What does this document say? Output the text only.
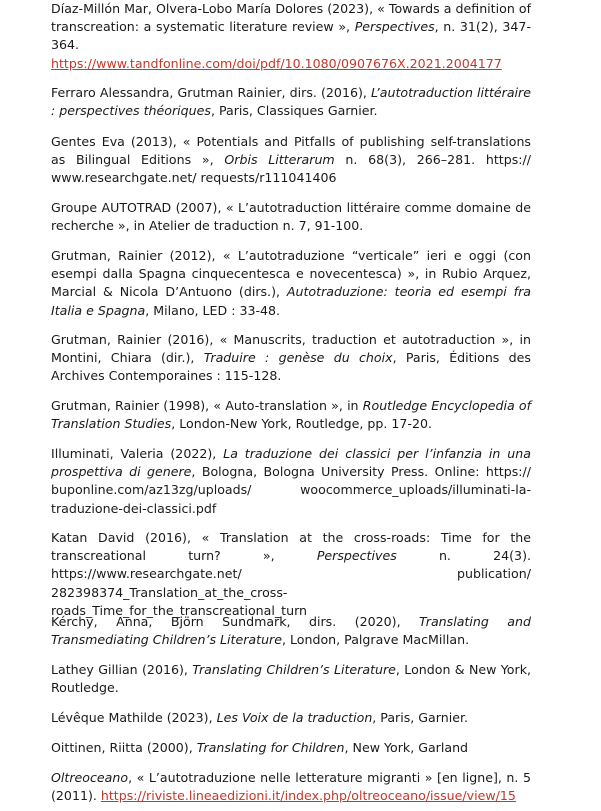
Díaz-Millón Mar, Olvera-Lobo María Dolores (2023), « Towards a definition of transcreation: a systematic literature review », Perspectives, n. 31(2), 347-364. https://www.tandfonline.com/doi/pdf/10.1080/0907676X.2021.2004177

Ferraro Alessandra, Grutman Rainier, dirs. (2016), L’autotraduction littéraire : perspectives théoriques, Paris, Classiques Garnier.

Gentes Eva (2013), « Potentials and Pitfalls of publishing self-translations as Bilingual Editions », Orbis Litterarum n. 68(3), 266–281. https:// www.researchgate.net/ requests/r111041406

Groupe AUTOTRAD (2007), « L’autotraduction littéraire comme domaine de recherche », in Atelier de traduction n. 7, 91-100.

Grutman, Rainier (2012), « L’autotraduzione “verticale” ieri e oggi (con esempi dalla Spagna cinquecentesca e novecentesca) », in Rubio Arquez, Marcial & Nicola D’Antuono (dirs.), Autotraduzione: teoria ed esempi fra Italia e Spagna, Milano, LED : 33-48.

Grutman, Rainier (2016), « Manuscrits, traduction et autotraduction », in Montini, Chiara (dir.), Traduire : genèse du choix, Paris, Éditions des Archives Contemporaines : 115-128.

Grutman, Rainier (1998), « Auto-translation », in Routledge Encyclopedia of Translation Studies, London-New York, Routledge, pp. 17-20.

Illuminati, Valeria (2022), La traduzione dei classici per l’infanzia in una prospettiva di genere, Bologna, Bologna University Press. Online: https:// buponline.com/az13zg/uploads/ woocommerce_uploads/illuminati-la-traduzione-dei-classici.pdf

Katan David (2016), « Translation at the cross-roads: Time for the transcreational turn? », Perspectives n. 24(3). https://www.researchgate.net/ publication/ 282398374_Translation_at_the_cross-roads_Time_for_the_transcreational_turn

Kérchy, Anna, Björn Sundmark, dirs. (2020), Translating and Transmediating Children’s Literature, London, Palgrave MacMillan.

Lathey Gillian (2016), Translating Children’s Literature, London & New York, Routledge.

Lévêque Mathilde (2023), Les Voix de la traduction, Paris, Garnier.

Oittinen, Riitta (2000), Translating for Children, New York, Garland

Oltreoceano, « L’autotraduzione nelle letterature migranti » [en ligne], n. 5 (2011). https://riviste.lineaedizioni.it/index.php/oltreoceano/issue/view/15
